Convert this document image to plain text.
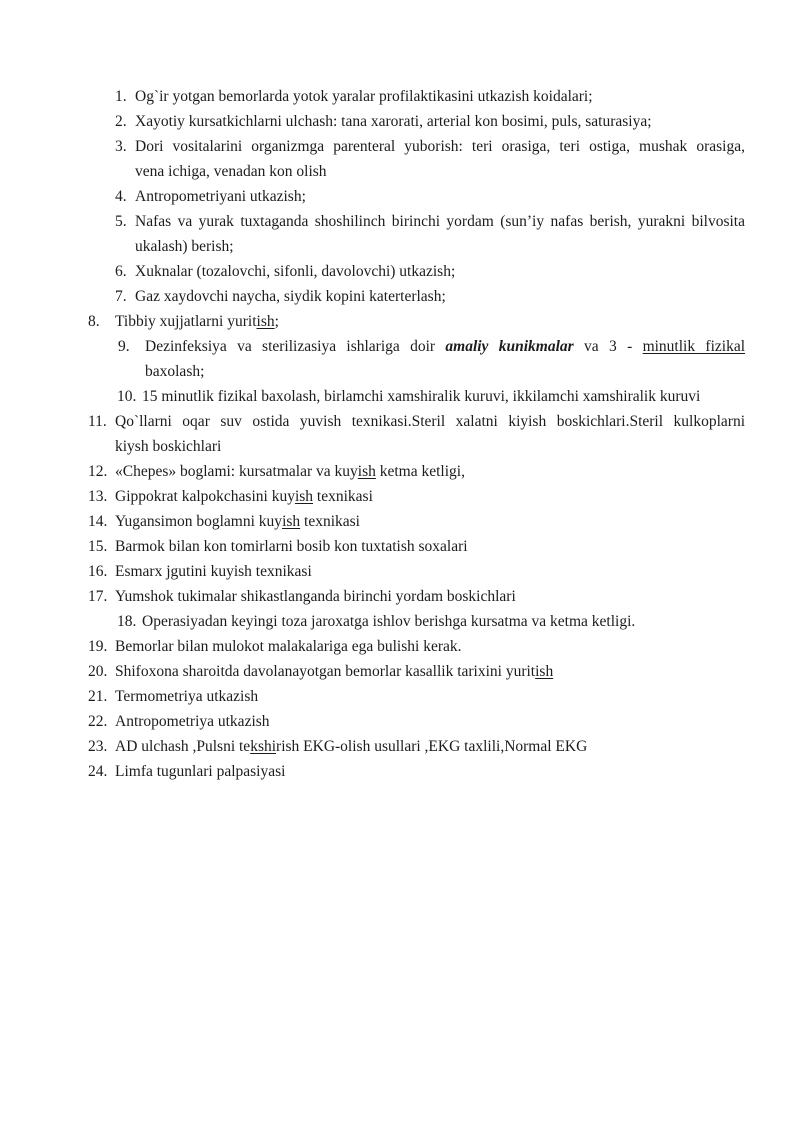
1. Og`ir yotgan bemorlarda yotok yaralar profilaktikasini utkazish koidalari;
2. Xayotiy kursatkichlarni ulchash: tana xarorati, arterial kon bosimi, puls, saturasiya;
3. Dori vositalarini organizmga parenteral yuborish: teri orasiga, teri ostiga, mushak orasiga,
vena ichiga, venadan kon olish
4. Antropometriyani utkazish;
5. Nafas va yurak tuxtaganda shoshilinch birinchi yordam (sun’iy nafas berish, yurakni bilvosita
ukalash) berish;
6. Xuknalar (tozalovchi, sifonli, davolovchi) utkazish;
7. Gaz xaydovchi naycha, siydik kopini katerterlash;
8. Tibbiy xujjatlarni yuritish;
9. Dezinfeksiya va sterilizasiya ishlariga doir amaliy kunikmalar va 3 - minutlik fizikal
baxolash;
10. 15 minutlik fizikal baxolash, birlamchi xamshiralik kuruvi, ikkilamchi xamshiralik kuruvi
11. Qo`llarni oqar suv ostida yuvish texnikasi.Steril xalatni kiyish boskichlari.Steril kulkoplarni
kiysh boskichlari
12. «Chepes» boglami: kursatmalar va kuyish ketma ketligi,
13. Gippokrat kalpokchasini kuyish texnikasi
14. Yugansimon boglamni kuyish texnikasi
15. Barmok bilan kon tomirlarni bosib kon tuxtatish soxalari
16. Esmarx jgutini kuyish texnikasi
17. Yumshok tukimalar shikastlanganda birinchi yordam boskichlari
18. Operasiyadan keyingi toza jaroxatga ishlov berishga kursatma va ketma ketligi.
19. Bemorlar bilan mulokot malakalariga ega bulishi kerak.
20. Shifoxona sharoitda davolanayotgan bemorlar kasallik tarixini yuritish
21. Termometriya utkazish
22. Antropometriya utkazish
23. AD ulchash ,Pulsni tekshirish EKG-olish usullari ,EKG taxlili,Normal EKG
24. Limfa tugunlari palpasiyasi
